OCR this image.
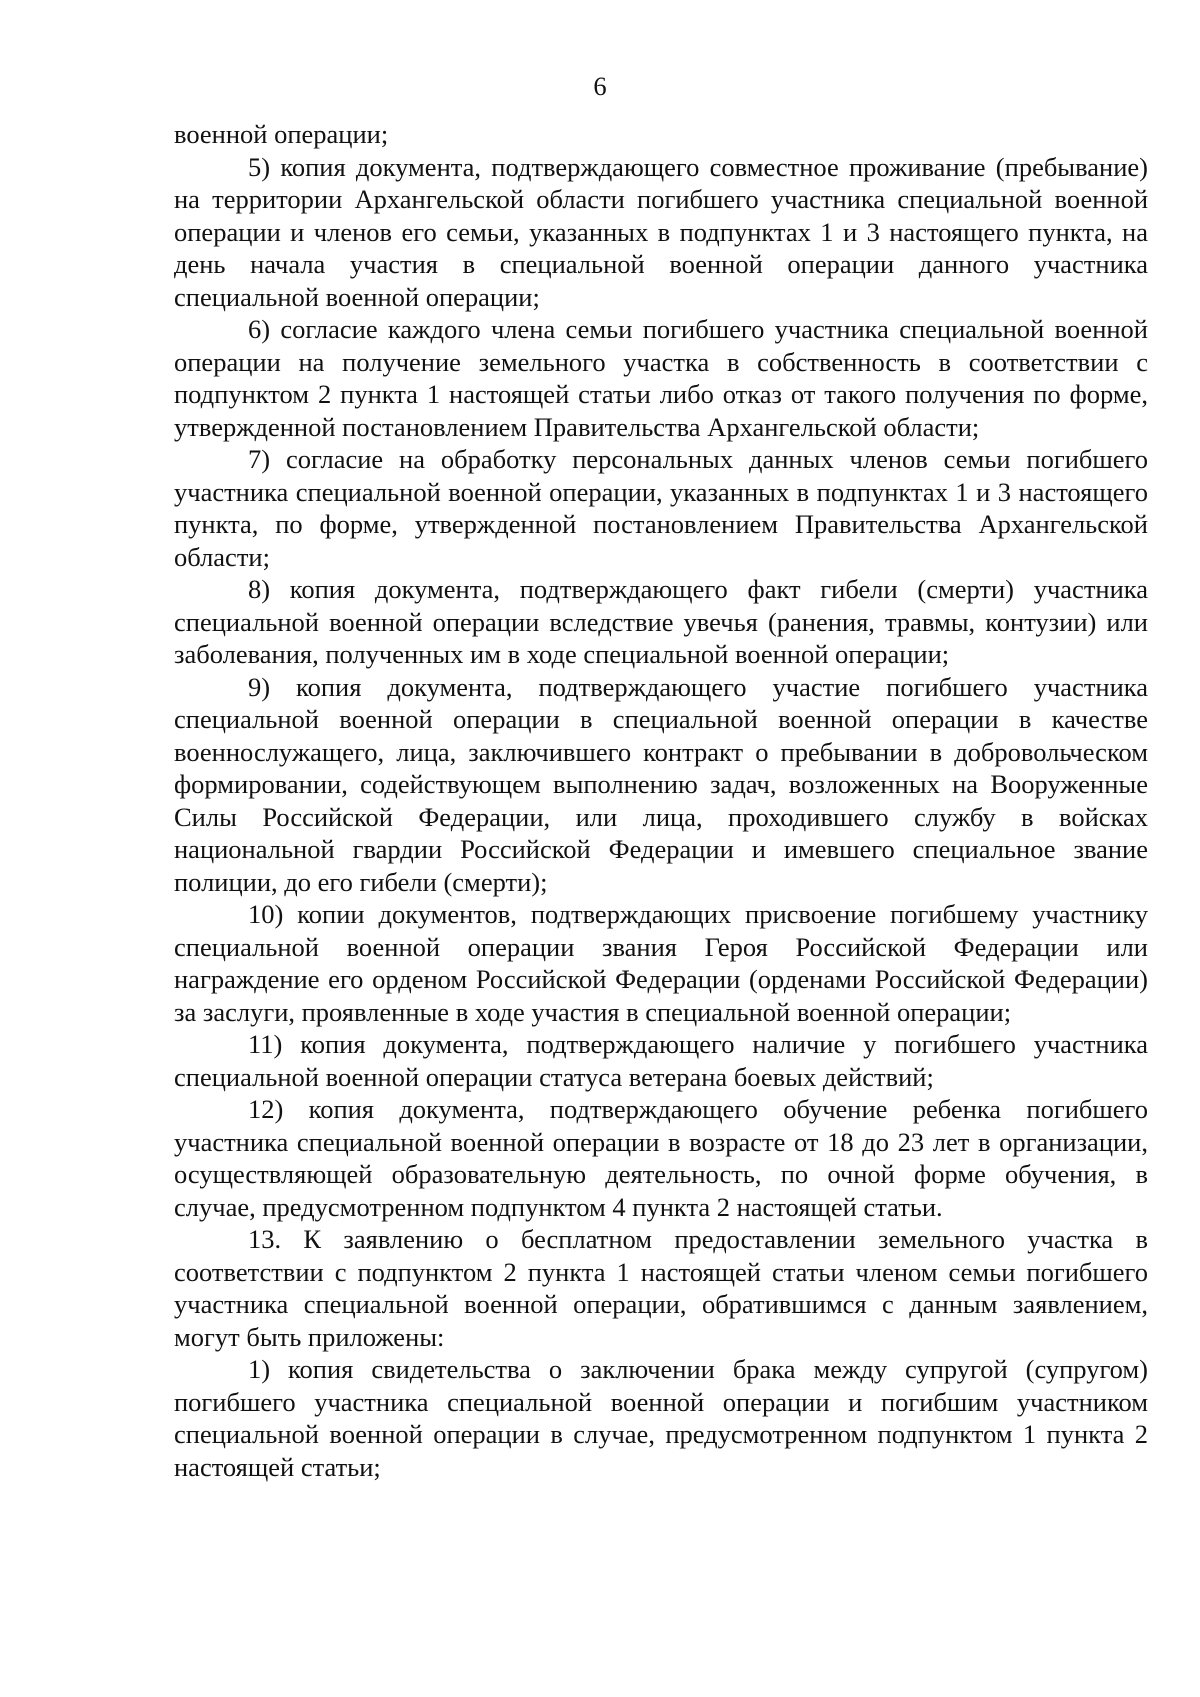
6

военной операции;

5) копия документа, подтверждающего совместное проживание (пребывание) на территории Архангельской области погибшего участника специальной военной операции и членов его семьи, указанных в подпунктах 1 и 3 настоящего пункта, на день начала участия в специальной военной операции данного участника специальной военной операции;

6) согласие каждого члена семьи погибшего участника специальной военной операции на получение земельного участка в собственность в соответствии с подпунктом 2 пункта 1 настоящей статьи либо отказ от такого получения по форме, утвержденной постановлением Правительства Архангельской области;

7) согласие на обработку персональных данных членов семьи погибшего участника специальной военной операции, указанных в подпунктах 1 и 3 настоящего пункта, по форме, утвержденной постановлением Правительства Архангельской области;

8) копия документа, подтверждающего факт гибели (смерти) участника специальной военной операции вследствие увечья (ранения, травмы, контузии) или заболевания, полученных им в ходе специальной военной операции;

9) копия документа, подтверждающего участие погибшего участника специальной военной операции в специальной военной операции в качестве военнослужащего, лица, заключившего контракт о пребывании в добровольческом формировании, содействующем выполнению задач, возложенных на Вооруженные Силы Российской Федерации, или лица, проходившего службу в войсках национальной гвардии Российской Федерации и имевшего специальное звание полиции, до его гибели (смерти);

10) копии документов, подтверждающих присвоение погибшему участнику специальной военной операции звания Героя Российской Федерации или награждение его орденом Российской Федерации (орденами Российской Федерации) за заслуги, проявленные в ходе участия в специальной военной операции;

11) копия документа, подтверждающего наличие у погибшего участника специальной военной операции статуса ветерана боевых действий;

12) копия документа, подтверждающего обучение ребенка погибшего участника специальной военной операции в возрасте от 18 до 23 лет в организации, осуществляющей образовательную деятельность, по очной форме обучения, в случае, предусмотренном подпунктом 4 пункта 2 настоящей статьи.

13. К заявлению о бесплатном предоставлении земельного участка в соответствии с подпунктом 2 пункта 1 настоящей статьи членом семьи погибшего участника специальной военной операции, обратившимся с данным заявлением, могут быть приложены:

1) копия свидетельства о заключении брака между супругой (супругом) погибшего участника специальной военной операции и погибшим участником специальной военной операции в случае, предусмотренном подпунктом 1 пункта 2 настоящей статьи;
